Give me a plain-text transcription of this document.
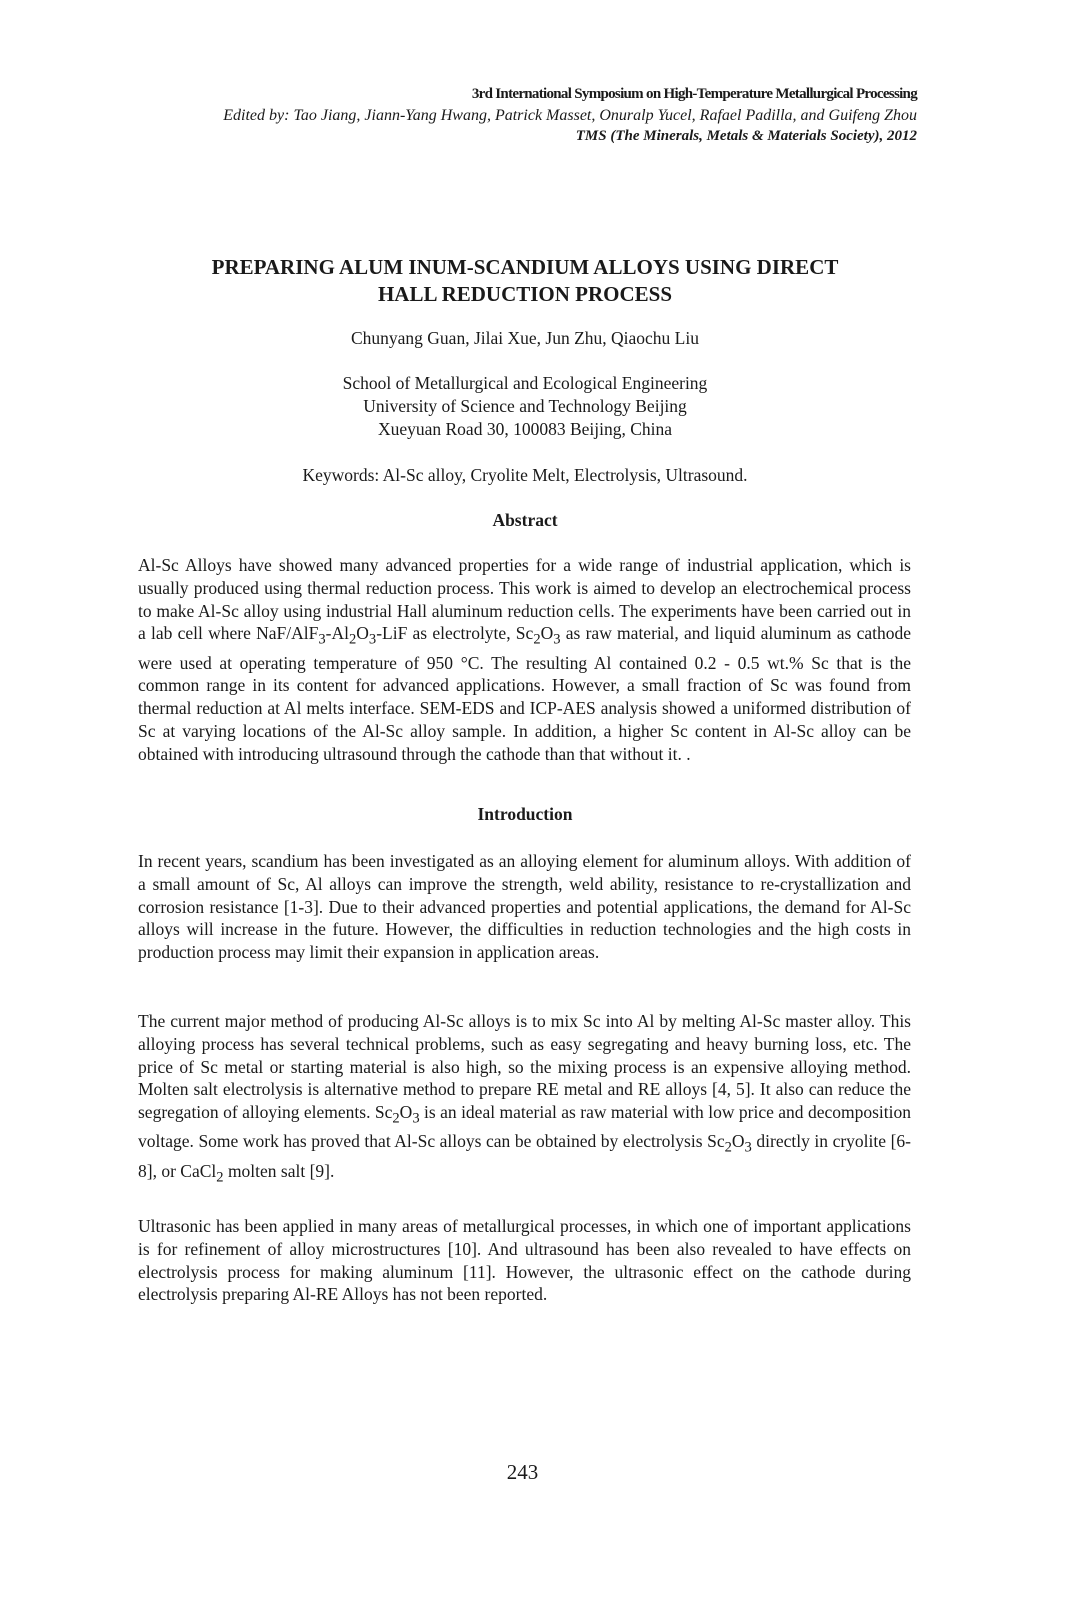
3rd International Symposium on High-Temperature Metallurgical Processing
Edited by: Tao Jiang, Jiann-Yang Hwang, Patrick Masset, Onuralp Yucel, Rafael Padilla, and Guifeng Zhou
TMS (The Minerals, Metals & Materials Society), 2012
PREPARING ALUM INUM-SCANDIUM ALLOYS USING DIRECT
HALL REDUCTION PROCESS
Chunyang Guan, Jilai Xue, Jun Zhu, Qiaochu Liu
School of Metallurgical and Ecological Engineering
University of Science and Technology Beijing
Xueyuan Road 30, 100083 Beijing, China
Keywords: Al-Sc alloy, Cryolite Melt, Electrolysis, Ultrasound.
Abstract

Al-Sc Alloys have showed many advanced properties for a wide range of industrial application, which is usually produced using thermal reduction process. This work is aimed to develop an electrochemical process to make Al-Sc alloy using industrial Hall aluminum reduction cells. The experiments have been carried out in a lab cell where NaF/$AlF_3-Al_2O_3$-LiF as electrolyte, $Sc_2O_3$ as raw material, and liquid aluminum as cathode were used at operating temperature of 950 °C. The resulting Al contained 0.2 - 0.5 wt.% Sc that is the common range in its content for advanced applications. However, a small fraction of Sc was found from thermal reduction at Al melts interface. SEM-EDS and ICP-AES analysis showed a uniformed distribution of Sc at varying locations of the Al-Sc alloy sample. In addition, a higher Sc content in Al-Sc alloy can be obtained with introducing ultrasound through the cathode than that without it. .

Introduction

In recent years, scandium has been investigated as an alloying element for aluminum alloys. With addition of a small amount of Sc, Al alloys can improve the strength, weld ability, resistance to re-crystallization and corrosion resistance [1-3]. Due to their advanced properties and potential applications, the demand for Al-Sc alloys will increase in the future. However, the difficulties in reduction technologies and the high costs in production process may limit their expansion in application areas.

The current major method of producing Al-Sc alloys is to mix Sc into Al by melting Al-Sc master alloy. This alloying process has several technical problems, such as easy segregating and heavy burning loss, etc. The price of Sc metal or starting material is also high, so the mixing process is an expensive alloying method. Molten salt electrolysis is alternative method to prepare RE metal and RE alloys [4, 5]. It also can reduce the segregation of alloying elements. $Sc_2O_3$ is an ideal material as raw material with low price and decomposition voltage. Some work has proved that Al-Sc alloys can be obtained by electrolysis $Sc_2O_3$ directly in cryolite [6-8], or CaCl$_2$ molten salt [9].

Ultrasonic has been applied in many areas of metallurgical processes, in which one of important applications is for refinement of alloy microstructures [10]. And ultrasound has been also revealed to have effects on electrolysis process for making aluminum [11]. However, the ultrasonic effect on the cathode during electrolysis preparing Al-RE Alloys has not been reported.

243
